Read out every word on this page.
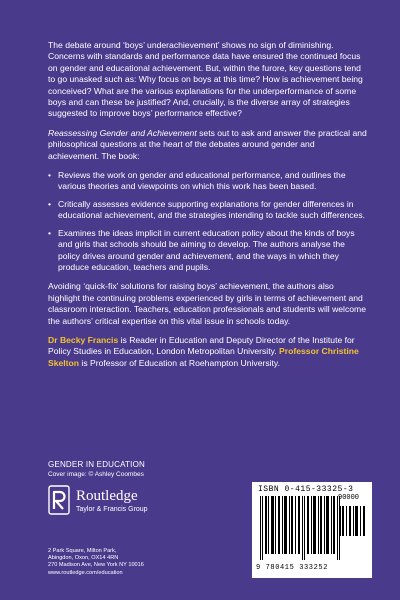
The debate around ‘boys’ underachievement’ shows no sign of diminishing. Concerns with standards and performance data have ensured the continued focus on gender and educational achievement. But, within the furore, key questions tend to go unasked such as: Why focus on boys at this time? How is achievement being conceived? What are the various explanations for the underperformance of some boys and can these be justified? And, crucially, is the diverse array of strategies suggested to improve boys’ performance effective?

Reassessing Gender and Achievement sets out to ask and answer the practical and philosophical questions at the heart of the debates around gender and achievement. The book:

• Reviews the work on gender and educational performance, and outlines the various theories and viewpoints on which this work has been based.
• Critically assesses evidence supporting explanations for gender differences in educational achievement, and the strategies intending to tackle such differences.
• Examines the ideas implicit in current education policy about the kinds of boys and girls that schools should be aiming to develop. The authors analyse the policy drives around gender and achievement, and the ways in which they produce education, teachers and pupils.

Avoiding ‘quick-fix’ solutions for raising boys’ achievement, the authors also highlight the continuing problems experienced by girls in terms of achievement and classroom interaction. Teachers, education professionals and students will welcome the authors’ critical expertise on this vital issue in schools today.

Dr Becky Francis is Reader in Education and Deputy Director of the Institute for Policy Studies in Education, London Metropolitan University. Professor Christine Skelton is Professor of Education at Roehampton University.

GENDER IN EDUCATION
Cover image: © Ashley Coombes
Routledge
Taylor & Francis Group
2 Park Square, Milton Park,
Abingdon, Oxon, OX14 4RN
270 Madison Ave, New York NY 10016
www.routledge.com/education
ISBN 0-415-33325-3
90000
9 780415 333252
